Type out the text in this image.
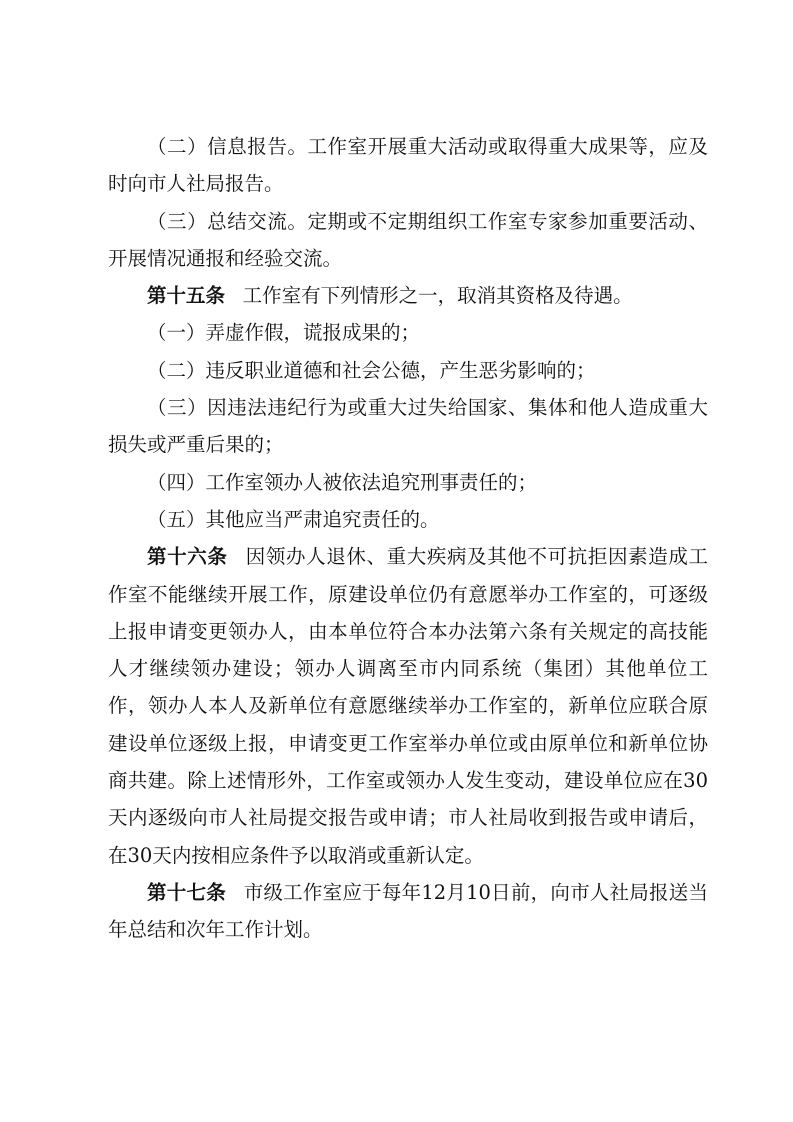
（二）信息报告。工作室开展重大活动或取得重大成果等，应及时向市人社局报告。

（三）总结交流。定期或不定期组织工作室专家参加重要活动、开展情况通报和经验交流。

第十五条 工作室有下列情形之一，取消其资格及待遇。

（一）弄虚作假，谎报成果的；

（二）违反职业道德和社会公德，产生恶劣影响的；

（三）因违法违纪行为或重大过失给国家、集体和他人造成重大损失或严重后果的；

（四）工作室领办人被依法追究刑事责任的；

（五）其他应当严肃追究责任的。

第十六条 因领办人退休、重大疾病及其他不可抗拒因素造成工作室不能继续开展工作，原建设单位仍有意愿举办工作室的，可逐级上报申请变更领办人，由本单位符合本办法第六条有关规定的高技能人才继续领办建设；领办人调离至市内同系统（集团）其他单位工作，领办人本人及新单位有意愿继续举办工作室的，新单位应联合原建设单位逐级上报，申请变更工作室举办单位或由原单位和新单位协商共建。除上述情形外，工作室或领办人发生变动，建设单位应在30天内逐级向市人社局提交报告或申请；市人社局收到报告或申请后，在30天内按相应条件予以取消或重新认定。

第十七条 市级工作室应于每年12月10日前，向市人社局报送当年总结和次年工作计划。
